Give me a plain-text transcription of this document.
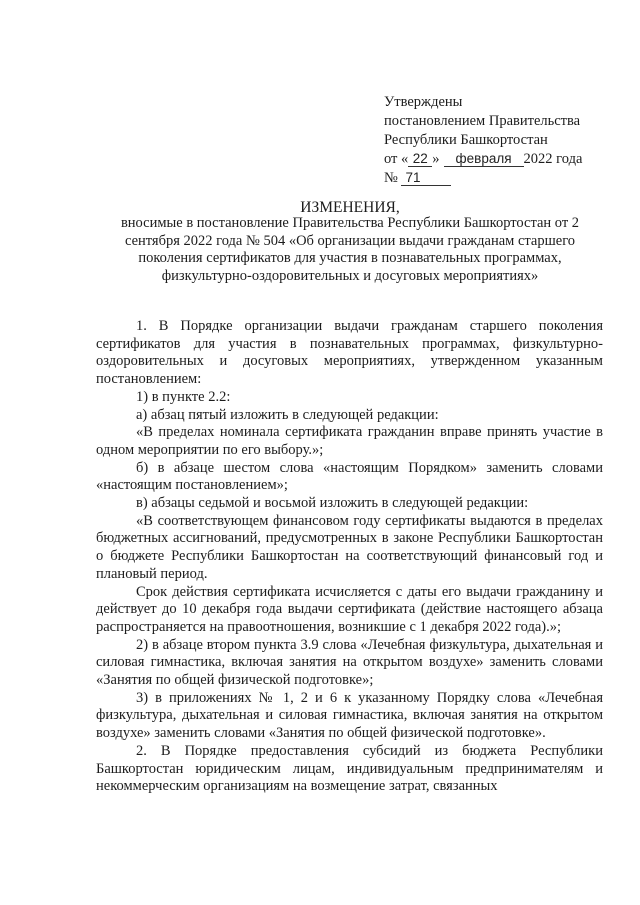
Утверждены
постановлением Правительства
Республики Башкортостан
от « 22 » февраля 2022 года
№ 71
ИЗМЕНЕНИЯ,
вносимые в постановление Правительства Республики Башкортостан от 2 сентября 2022 года № 504 «Об организации выдачи гражданам старшего поколения сертификатов для участия в познавательных программах, физкультурно-оздоровительных и досуговых мероприятиях»

1. В Порядке организации выдачи гражданам старшего поколения сертификатов для участия в познавательных программах, физкультурно-оздоровительных и досуговых мероприятиях, утвержденном указанным постановлением:

1) в пункте 2.2:

а) абзац пятый изложить в следующей редакции:

«В пределах номинала сертификата гражданин вправе принять участие в одном мероприятии по его выбору.»;

б) в абзаце шестом слова «настоящим Порядком» заменить словами «настоящим постановлением»;

в) абзацы седьмой и восьмой изложить в следующей редакции:

«В соответствующем финансовом году сертификаты выдаются в пределах бюджетных ассигнований, предусмотренных в законе Республики Башкортостан о бюджете Республики Башкортостан на соответствующий финансовый год и плановый период.

Срок действия сертификата исчисляется с даты его выдачи гражданину и действует до 10 декабря года выдачи сертификата (действие настоящего абзаца распространяется на правоотношения, возникшие с 1 декабря 2022 года).»;

2) в абзаце втором пункта 3.9 слова «Лечебная физкультура, дыхательная и силовая гимнастика, включая занятия на открытом воздухе» заменить словами «Занятия по общей физической подготовке»;

3) в приложениях № 1, 2 и 6 к указанному Порядку слова «Лечебная физкультура, дыхательная и силовая гимнастика, включая занятия на открытом воздухе» заменить словами «Занятия по общей физической подготовке».

2. В Порядке предоставления субсидий из бюджета Республики Башкортостан юридическим лицам, индивидуальным предпринимателям и некоммерческим организациям на возмещение затрат, связанных
